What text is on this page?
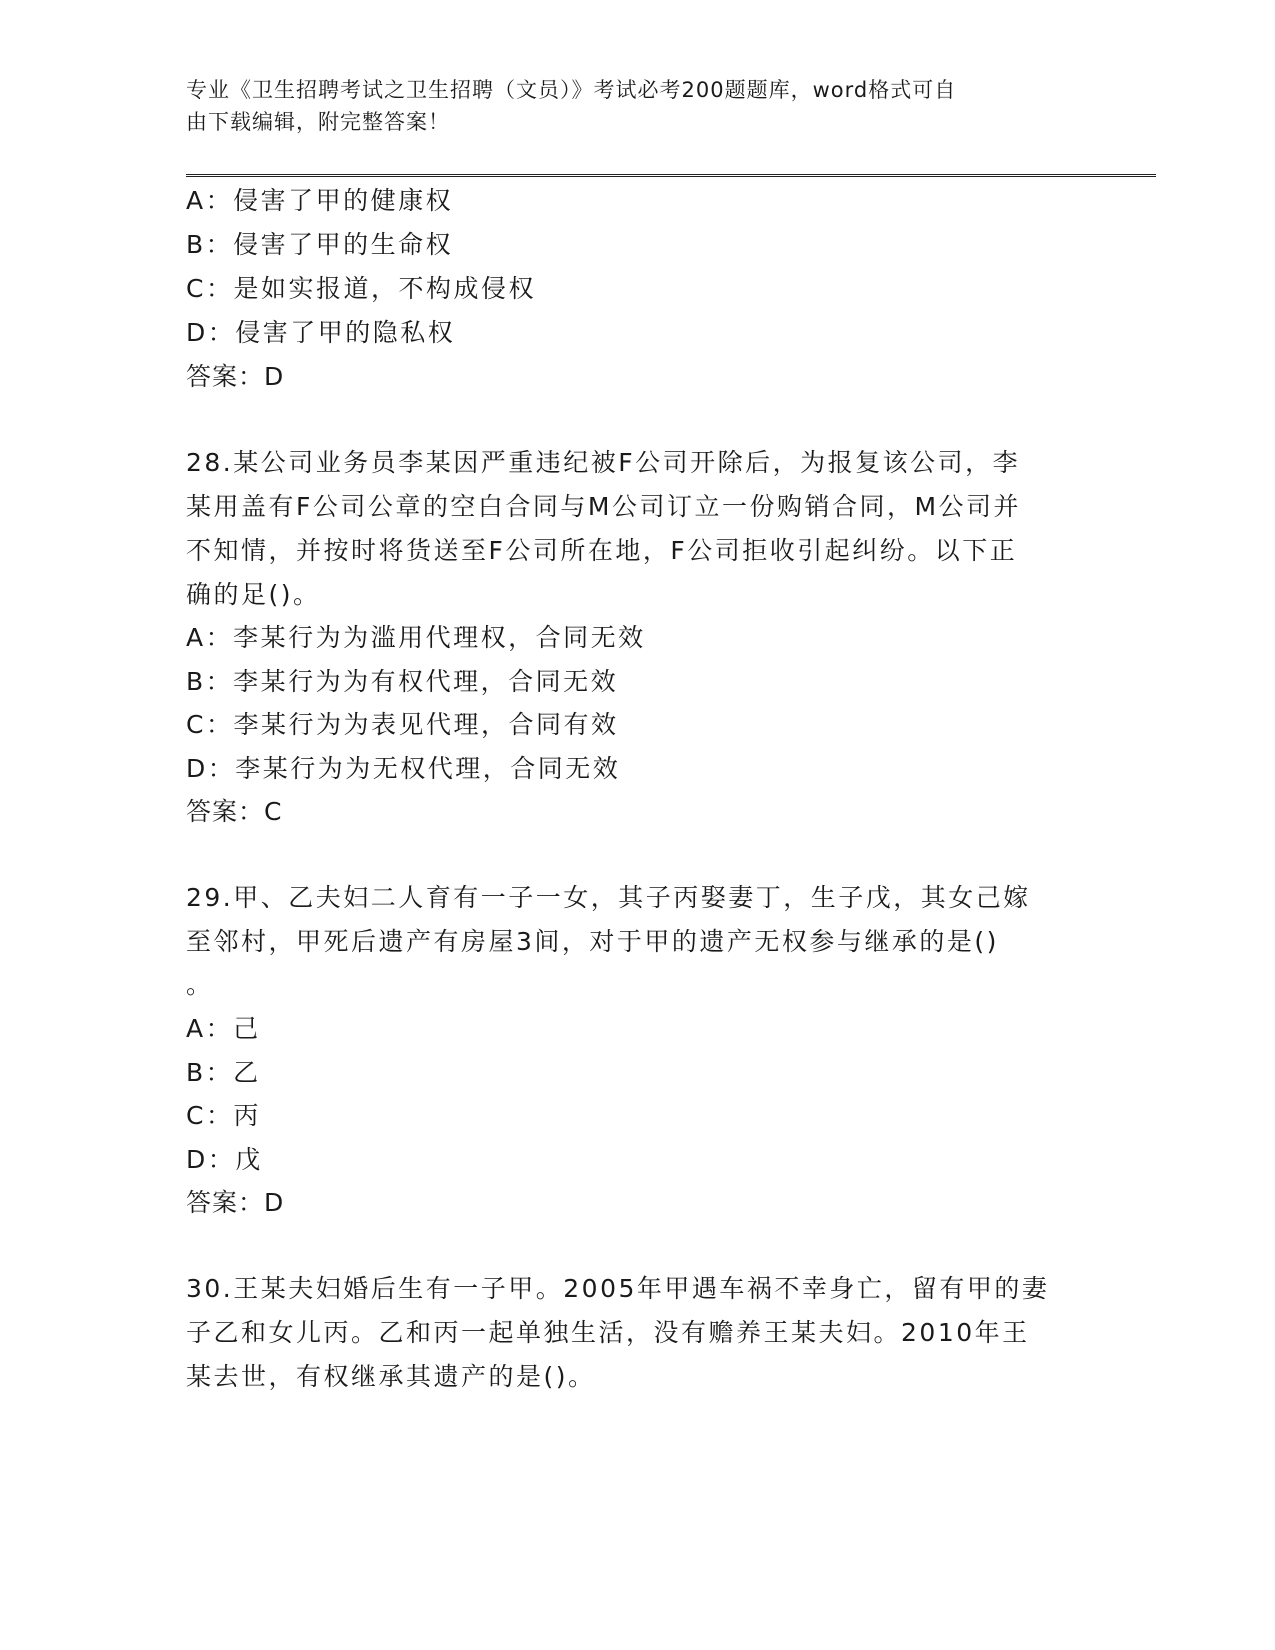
专业《卫生招聘考试之卫生招聘（文员）》考试必考200题题库，word格式可自
由下载编辑，附完整答案！
A：侵害了甲的健康权
B：侵害了甲的生命权
C：是如实报道，不构成侵权
D：侵害了甲的隐私权
答案：D
28.某公司业务员李某因严重违纪被F公司开除后，为报复该公司，李
某用盖有F公司公章的空白合同与M公司订立一份购销合同，M公司并
不知情，并按时将货送至F公司所在地，F公司拒收引起纠纷。以下正
确的足()。
A：李某行为为滥用代理权，合同无效
B：李某行为为有权代理，合同无效
C：李某行为为表见代理，合同有效
D：李某行为为无权代理，合同无效
答案：C
29.甲、乙夫妇二人育有一子一女，其子丙娶妻丁，生子戊，其女己嫁
至邻村，甲死后遗产有房屋3间，对于甲的遗产无权参与继承的是()
。
A：己
B：乙
C：丙
D：戊
答案：D
30.王某夫妇婚后生有一子甲。2005年甲遇车祸不幸身亡，留有甲的妻
子乙和女儿丙。乙和丙一起单独生活，没有赡养王某夫妇。2010年王
某去世，有权继承其遗产的是()。
